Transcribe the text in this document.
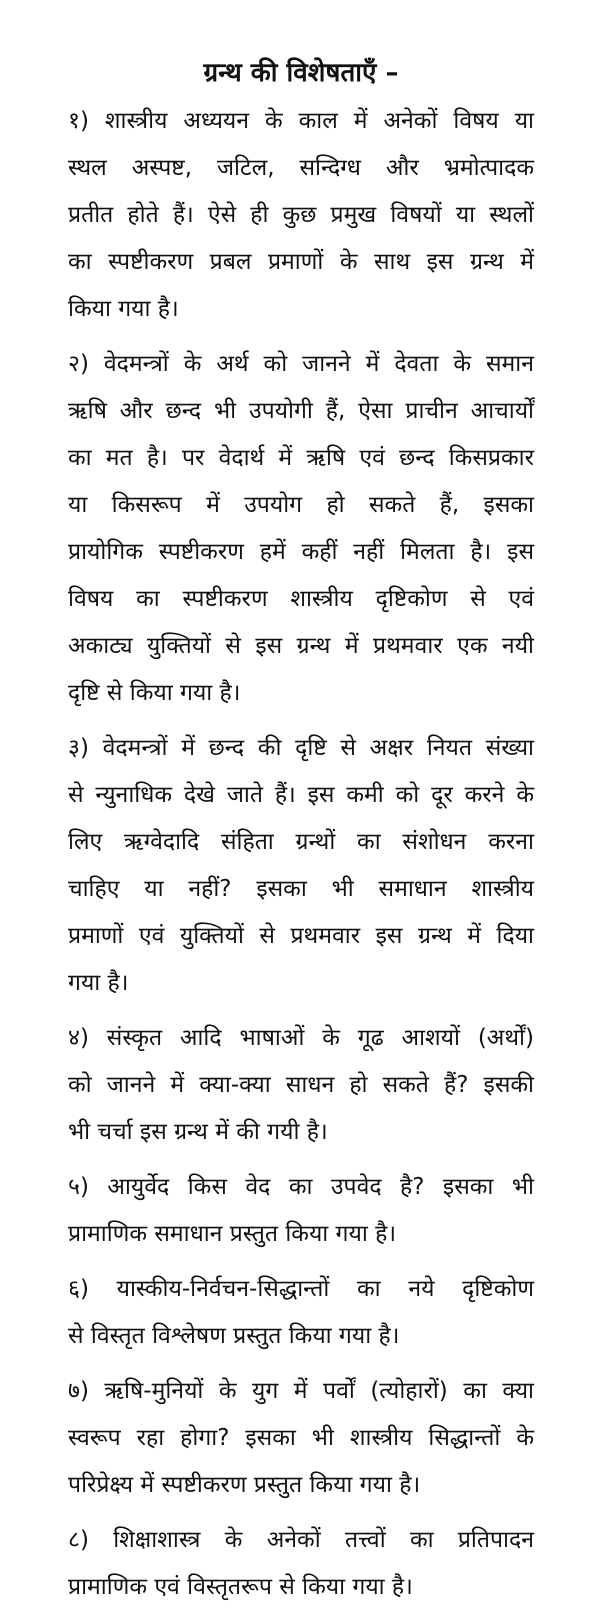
ग्रन्थ की विशेषताएँ –
१) शास्त्रीय अध्ययन के काल में अनेकों विषय या
स्थल अस्पष्ट, जटिल, सन्दिग्ध और भ्रमोत्पादक
प्रतीत होते हैं। ऐसे ही कुछ प्रमुख विषयों या स्थलों
का स्पष्टीकरण प्रबल प्रमाणों के साथ इस ग्रन्थ में
किया गया है।
२) वेदमन्त्रों के अर्थ को जानने में देवता के समान
ऋषि और छन्द भी उपयोगी हैं, ऐसा प्राचीन आचार्यों
का मत है। पर वेदार्थ में ऋषि एवं छन्द किसप्रकार
या किसरूप में उपयोग हो सकते हैं, इसका
प्रायोगिक स्पष्टीकरण हमें कहीं नहीं मिलता है। इस
विषय का स्पष्टीकरण शास्त्रीय दृष्टिकोण से एवं
अकाट्य युक्तियों से इस ग्रन्थ में प्रथमवार एक नयी
दृष्टि से किया गया है।
३) वेदमन्त्रों में छन्द की दृष्टि से अक्षर नियत संख्या
से न्युनाधिक देखे जाते हैं। इस कमी को दूर करने के
लिए ऋग्वेदादि संहिता ग्रन्थों का संशोधन करना
चाहिए या नहीं? इसका भी समाधान शास्त्रीय
प्रमाणों एवं युक्तियों से प्रथमवार इस ग्रन्थ में दिया
गया है।
४) संस्कृत आदि भाषाओं के गूढ आशयों (अर्थों)
को जानने में क्या-क्या साधन हो सकते हैं? इसकी
भी चर्चा इस ग्रन्थ में की गयी है।
५) आयुर्वेद किस वेद का उपवेद है? इसका भी
प्रामाणिक समाधान प्रस्तुत किया गया है।
६) यास्कीय-निर्वचन-सिद्धान्तों का नये दृष्टिकोण
से विस्तृत विश्लेषण प्रस्तुत किया गया है।
७) ऋषि-मुनियों के युग में पर्वों (त्योहारों) का क्या
स्वरूप रहा होगा? इसका भी शास्त्रीय सिद्धान्तों के
परिप्रेक्ष्य में स्पष्टीकरण प्रस्तुत किया गया है।
८) शिक्षाशास्त्र के अनेकों तत्त्वों का प्रतिपादन
प्रामाणिक एवं विस्तृतरूप से किया गया है।
